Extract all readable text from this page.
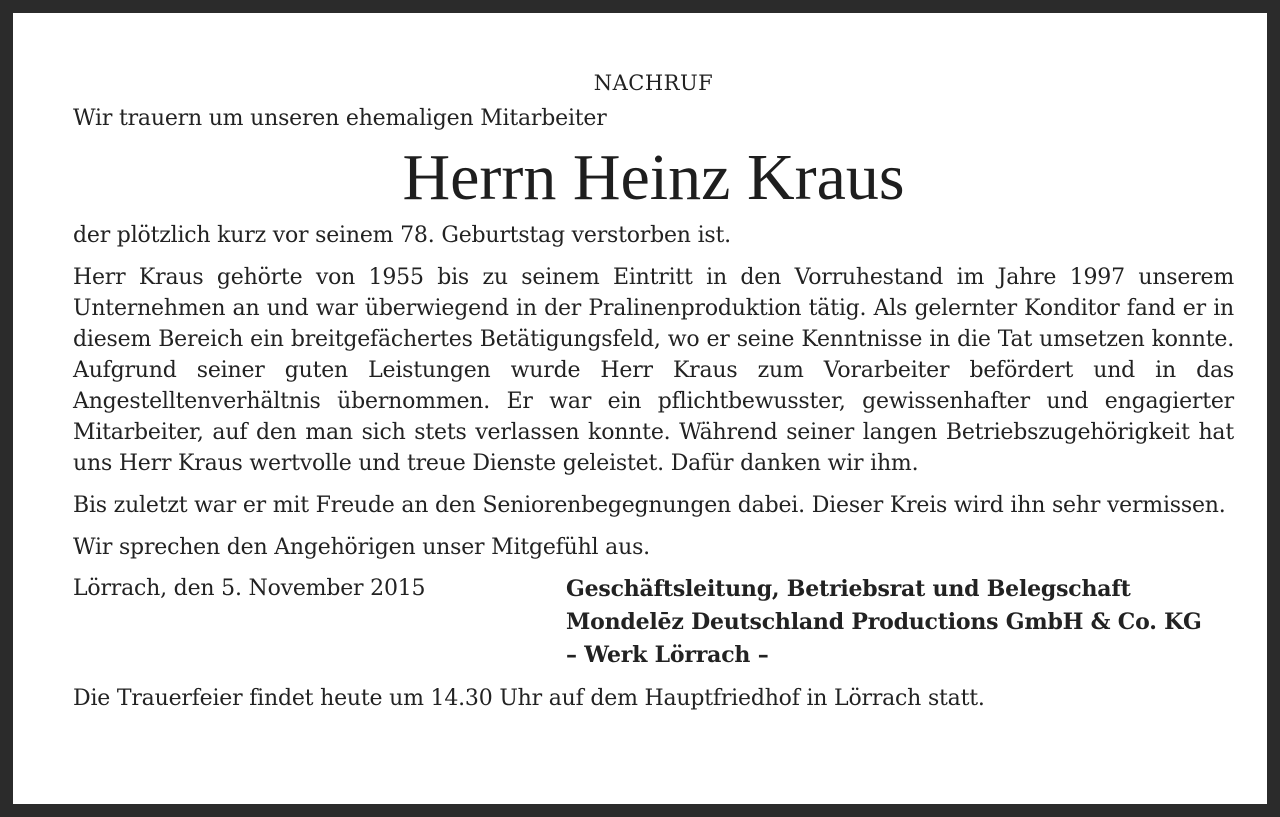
NACHRUF

Wir trauern um unseren ehemaligen Mitarbeiter

Herrn Heinz Kraus

der plötzlich kurz vor seinem 78. Geburtstag verstorben ist.

Herr Kraus gehörte von 1955 bis zu seinem Eintritt in den Vorruhestand im Jahre 1997 unserem Unternehmen an und war überwiegend in der Pralinenproduktion tätig. Als gelernter Konditor fand er in diesem Bereich ein breitgefächertes Betätigungsfeld, wo er seine Kenntnisse in die Tat umsetzen konnte. Aufgrund seiner guten Leistungen wurde Herr Kraus zum Vorarbeiter befördert und in das Angestelltenverhältnis übernommen. Er war ein pflichtbewusster, gewissenhafter und engagierter Mitarbeiter, auf den man sich stets verlassen konnte. Während seiner langen Betriebszugehörigkeit hat uns Herr Kraus wertvolle und treue Dienste geleistet. Dafür danken wir ihm.

Bis zuletzt war er mit Freude an den Seniorenbegegnungen dabei. Dieser Kreis wird ihn sehr vermissen.

Wir sprechen den Angehörigen unser Mitgefühl aus.

Lörrach, den 5. November 2015	Geschäftsleitung, Betriebsrat und Belegschaft
Mondelēz Deutschland Productions GmbH & Co. KG
– Werk Lörrach –

Die Trauerfeier findet heute um 14.30 Uhr auf dem Hauptfriedhof in Lörrach statt.
